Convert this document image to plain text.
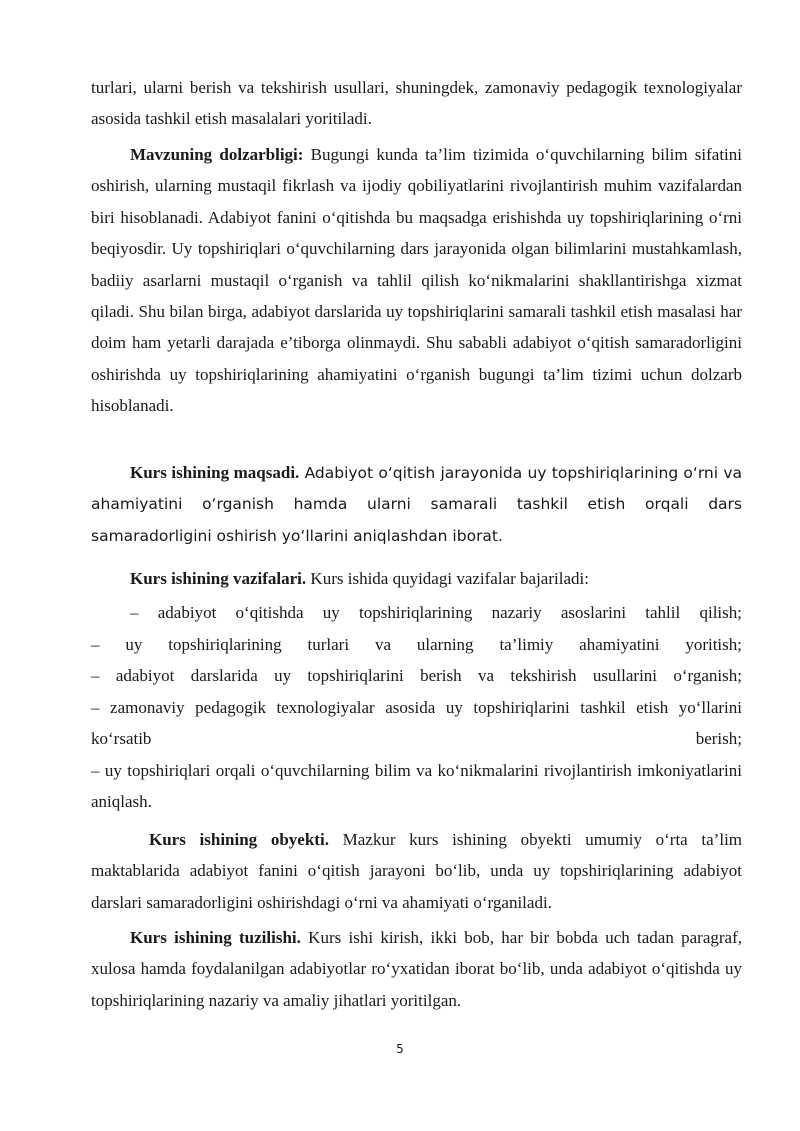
turlari, ularni berish va tekshirish usullari, shuningdek, zamonaviy pedagogik texnologiyalar asosida tashkil etish masalalari yoritiladi.

Mavzuning dolzarbligi: Bugungi kunda ta’lim tizimida o‘quvchilarning bilim sifatini oshirish, ularning mustaqil fikrlash va ijodiy qobiliyatlarini rivojlantirish muhim vazifalardan biri hisoblanadi. Adabiyot fanini o‘qitishda bu maqsadga erishishda uy topshiriqlarining o‘rni beqiyosdir. Uy topshiriqlari o‘quvchilarning dars jarayonida olgan bilimlarini mustahkamlash, badiiy asarlarni mustaqil o‘rganish va tahlil qilish ko‘nikmalarini shakllantirishga xizmat qiladi. Shu bilan birga, adabiyot darslarida uy topshiriqlarini samarali tashkil etish masalasi har doim ham yetarli darajada e’tiborga olinmaydi. Shu sababli adabiyot o‘qitish samaradorligini oshirishda uy topshiriqlarining ahamiyatini o‘rganish bugungi ta’lim tizimi uchun dolzarb hisoblanadi.

Kurs ishining maqsadi. Adabiyot o‘qitish jarayonida uy topshiriqlarining o‘rni va ahamiyatini o‘rganish hamda ularni samarali tashkil etish orqali dars samaradorligini oshirish yo‘llarini aniqlashdan iborat.

Kurs ishining vazifalari. Kurs ishida quyidagi vazifalar bajariladi:

– adabiyot o‘qitishda uy topshiriqlarining nazariy asoslarini tahlil qilish;

– uy topshiriqlarining turlari va ularning ta’limiy ahamiyatini yoritish;

– adabiyot darslarida uy topshiriqlarini berish va tekshirish usullarini o‘rganish;

– zamonaviy pedagogik texnologiyalar asosida uy topshiriqlarini tashkil etish yo‘llarini

ko‘rsatib berish;

– uy topshiriqlari orqali o‘quvchilarning bilim va ko‘nikmalarini rivojlantirish imkoniyatlarini aniqlash.

Kurs ishining obyekti. Mazkur kurs ishining obyekti umumiy o‘rta ta’lim maktablarida adabiyot fanini o‘qitish jarayoni bo‘lib, unda uy topshiriqlarining adabiyot darslari samaradorligini oshirishdagi o‘rni va ahamiyati o‘rganiladi.

Kurs ishining tuzilishi. Kurs ishi kirish, ikki bob, har bir bobda uch tadan paragraf, xulosa hamda foydalanilgan adabiyotlar ro‘yxatidan iborat bo‘lib, unda adabiyot o‘qitishda uy topshiriqlarining nazariy va amaliy jihatlari yoritilgan.

5
